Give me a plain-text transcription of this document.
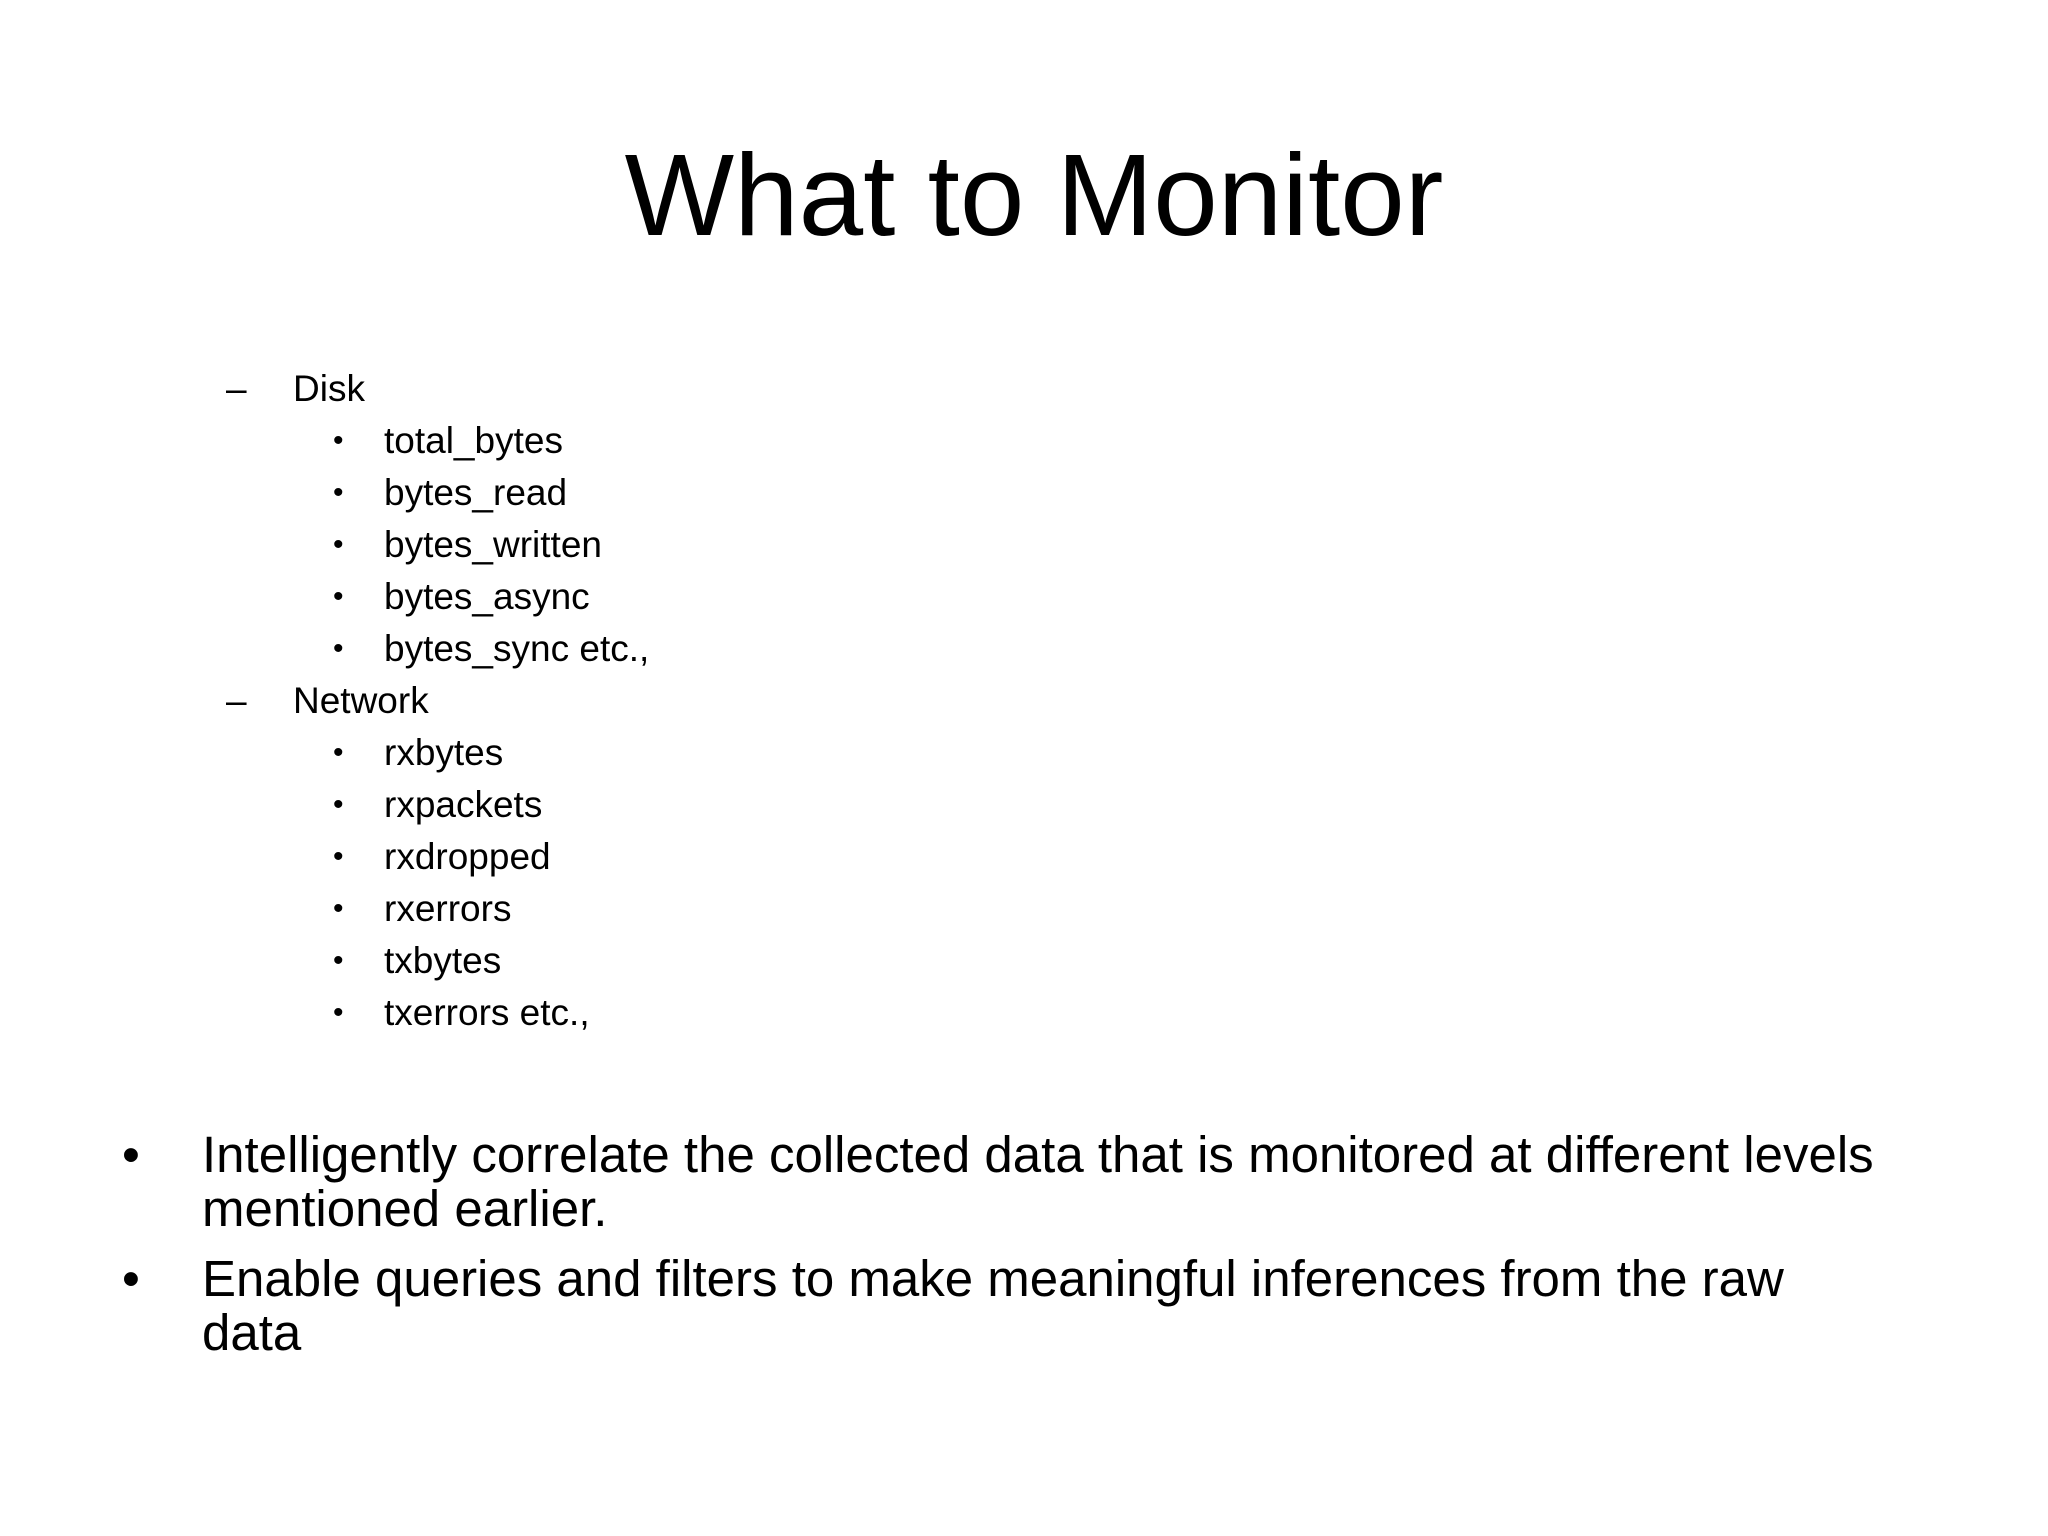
What to Monitor
– Disk
• total_bytes
• bytes_read
• bytes_written
• bytes_async
• bytes_sync etc.,
– Network
• rxbytes
• rxpackets
• rxdropped
• rxerrors
• txbytes
• txerrors etc.,
• Intelligently correlate the collected data that is monitored at different levels mentioned earlier.
• Enable queries and filters to make meaningful inferences from the raw data
